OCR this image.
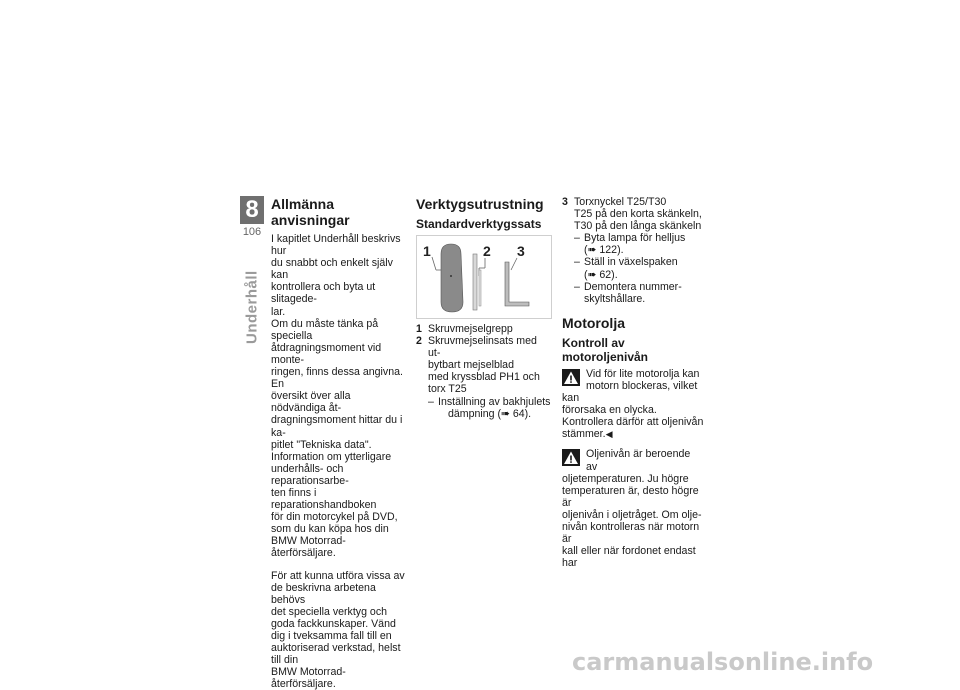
8
106
Underhåll
Allmänna anvisningar
I kapitlet Underhåll beskrivs hur
du snabbt och enkelt själv kan
kontrollera och byta ut slitagede-
lar.
Om du måste tänka på speciella
åtdragningsmoment vid monte-
ringen, finns dessa angivna. En
översikt över alla nödvändiga åt-
dragningsmoment hittar du i ka-
pitlet "Tekniska data".
Information om ytterligare
underhålls- och reparationsarbe-
ten finns i reparationshandboken
för din motorcykel på DVD,
som du kan köpa hos din
BMW Motorrad-återförsäljare.
För att kunna utföra vissa av
de beskrivna arbetena behövs
det speciella verktyg och
goda fackkunskaper. Vänd
dig i tveksamma fall till en
auktoriserad verkstad, helst till din
BMW Motorrad-återförsäljare.
Verktygsutrustning
Standardverktygssats
1	2 3
1 Skruvmejselgrepp
2 Skruvmejselinsats med ut-
bytbart mejselblad
med kryssblad PH1 och
torx T25
– Inställning av bakhjulets
dämpning (➠ 64).
3 Torxnyckel T25/T30
T25 på den korta skänkeln,
T30 på den långa skänkeln
– Byta lampa för helljus
(➠ 122).
– Ställ in växelspaken
(➠ 62).
– Demontera nummer-
skyltshållare.
Motorolja
Kontroll av motoroljenivån
Vid för lite motorolja kan
motorn blockeras, vilket kan
förorsaka en olycka.
Kontrollera därför att oljenivån
stämmer.◀
Oljenivån är beroende av
oljetemperaturen. Ju högre
temperaturen är, desto högre är
oljenivån i oljetråget. Om olje-
nivån kontrolleras när motorn är
kall eller när fordonet endast har
carmanualsonline.info
